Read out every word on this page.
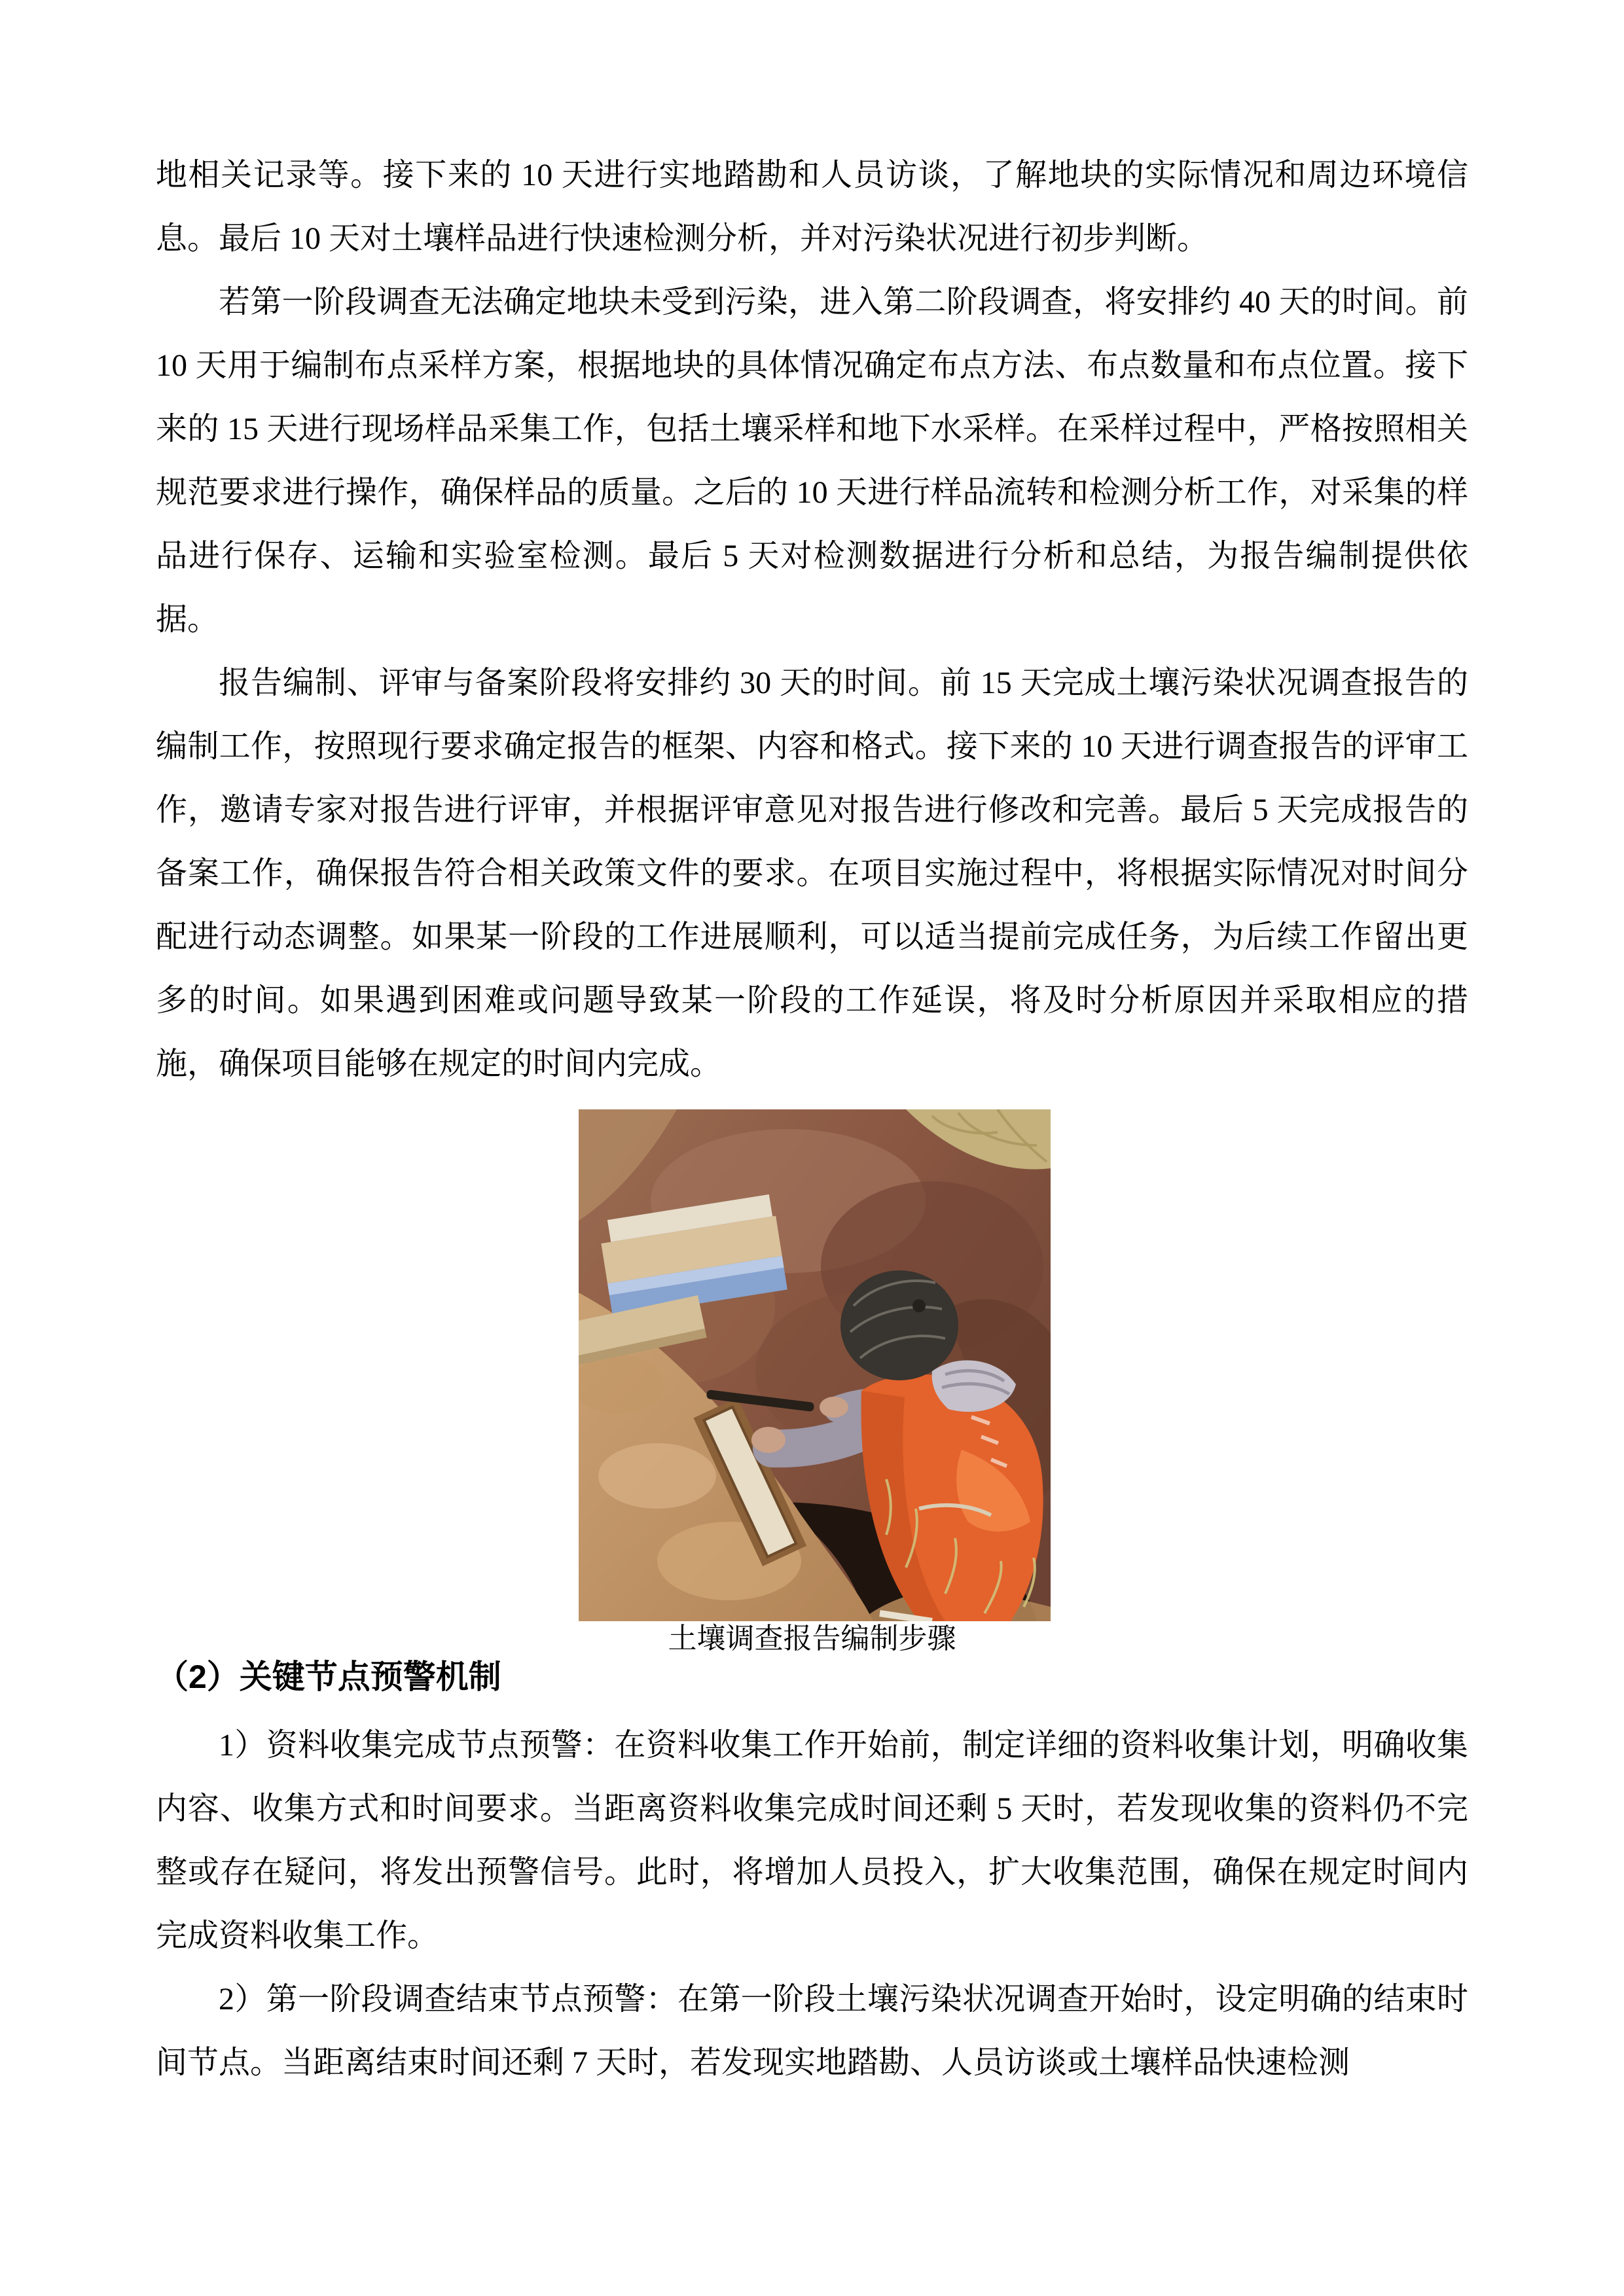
地相关记录等。接下来的 10 天进行实地踏勘和人员访谈，了解地块的实际情况和周边环境信息。最后 10 天对土壤样品进行快速检测分析，并对污染状况进行初步判断。

若第一阶段调查无法确定地块未受到污染，进入第二阶段调查，将安排约 40 天的时间。前 10 天用于编制布点采样方案，根据地块的具体情况确定布点方法、布点数量和布点位置。接下来的 15 天进行现场样品采集工作，包括土壤采样和地下水采样。在采样过程中，严格按照相关规范要求进行操作，确保样品的质量。之后的 10 天进行样品流转和检测分析工作，对采集的样品进行保存、运输和实验室检测。最后 5 天对检测数据进行分析和总结，为报告编制提供依据。

报告编制、评审与备案阶段将安排约 30 天的时间。前 15 天完成土壤污染状况调查报告的编制工作，按照现行要求确定报告的框架、内容和格式。接下来的 10 天进行调查报告的评审工作，邀请专家对报告进行评审，并根据评审意见对报告进行修改和完善。最后 5 天完成报告的备案工作，确保报告符合相关政策文件的要求。在项目实施过程中，将根据实际情况对时间分配进行动态调整。如果某一阶段的工作进展顺利，可以适当提前完成任务，为后续工作留出更多的时间。如果遇到困难或问题导致某一阶段的工作延误，将及时分析原因并采取相应的措施，确保项目能够在规定的时间内完成。

土壤调查报告编制步骤
（2）关键节点预警机制

1）资料收集完成节点预警：在资料收集工作开始前，制定详细的资料收集计划，明确收集内容、收集方式和时间要求。当距离资料收集完成时间还剩 5 天时，若发现收集的资料仍不完整或存在疑问，将发出预警信号。此时，将增加人员投入，扩大收集范围，确保在规定时间内完成资料收集工作。

2）第一阶段调查结束节点预警：在第一阶段土壤污染状况调查开始时，设定明确的结束时间节点。当距离结束时间还剩 7 天时，若发现实地踏勘、人员访谈或土壤样品快速检测
